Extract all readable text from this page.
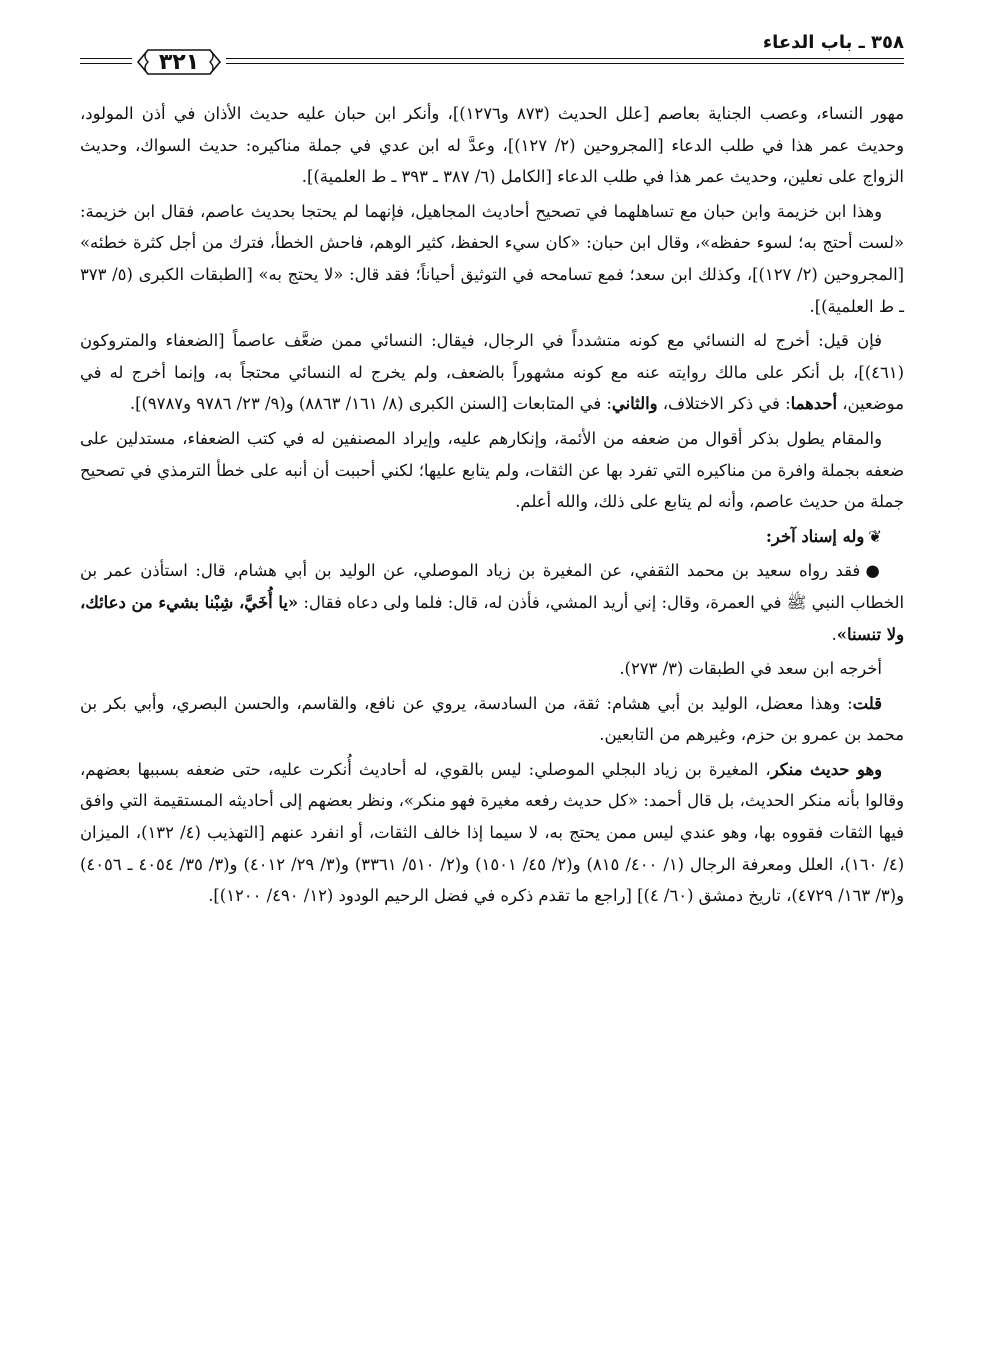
٣٥٨ ـ باب الدعاء
٣٢١

مهور النساء، وعصب الجناية بعاصم [علل الحديث (٨٧٣ و١٢٧٦)]، وأنكر ابن حبان عليه حديث الأذان في أذن المولود، وحديث عمر هذا في طلب الدعاء [المجروحين (٢/ ١٢٧)]، وعدَّ له ابن عدي في جملة مناكيره: حديث السواك، وحديث الزواج على نعلين، وحديث عمر هذا في طلب الدعاء [الكامل (٦/ ٣٨٧ ـ ٣٩٣ ـ ط العلمية)].

وهذا ابن خزيمة وابن حبان مع تساهلهما في تصحيح أحاديث المجاهيل، فإنهما لم يحتجا بحديث عاصم، فقال ابن خزيمة: «لست أحتج به؛ لسوء حفظه»، وقال ابن حبان: «كان سيء الحفظ، كثير الوهم، فاحش الخطأ، فترك من أجل كثرة خطئه» [المجروحين (٢/ ١٢٧)]، وكذلك ابن سعد؛ فمع تسامحه في التوثيق أحياناً؛ فقد قال: «لا يحتج به» [الطبقات الكبرى (٥/ ٣٧٣ ـ ط العلمية)].

فإن قيل: أخرج له النسائي مع كونه متشدداً في الرجال، فيقال: النسائي ممن ضعَّف عاصماً [الضعفاء والمتروكون (٤٦١)]، بل أنكر على مالك روايته عنه مع كونه مشهوراً بالضعف، ولم يخرج له النسائي محتجاً به، وإنما أخرج له في موضعين، أحدهما: في ذكر الاختلاف، والثاني: في المتابعات [السنن الكبرى (٨/ ١٦١/ ٨٨٦٣) و(٩/ ٢٣/ ٩٧٨٦ و٩٧٨٧)].

والمقام يطول بذكر أقوال من ضعفه من الأئمة، وإنكارهم عليه، وإيراد المصنفين له في كتب الضعفاء، مستدلين على ضعفه بجملة وافرة من مناكيره التي تفرد بها عن الثقات، ولم يتابع عليها؛ لكني أحببت أن أنبه على خطأ الترمذي في تصحيح جملة من حديث عاصم، وأنه لم يتابع على ذلك، والله أعلم.

❦وله إسناد آخر:

● فقد رواه سعيد بن محمد الثقفي، عن المغيرة بن زياد الموصلي، عن الوليد بن أبي هشام، قال: استأذن عمر بن الخطاب النبي ﷺ في العمرة، وقال: إني أريد المشي، فأذن له، قال: فلما ولى دعاه فقال: «يا أُخَيَّ، شِبْنا بشيء من دعائك، ولا تنسنا».

أخرجه ابن سعد في الطبقات (٣/ ٢٧٣).

قلت: وهذا معضل، الوليد بن أبي هشام: ثقة، من السادسة، يروي عن نافع، والقاسم، والحسن البصري، وأبي بكر بن محمد بن عمرو بن حزم، وغيرهم من التابعين.

وهو حديث منكر، المغيرة بن زياد البجلي الموصلي: ليس بالقوي، له أحاديث أُنكرت عليه، حتى ضعفه بسببها بعضهم، وقالوا بأنه منكر الحديث، بل قال أحمد: «كل حديث رفعه مغيرة فهو منكر»، ونظر بعضهم إلى أحاديثه المستقيمة التي وافق فيها الثقات فقووه بها، وهو عندي ليس ممن يحتج به، لا سيما إذا خالف الثقات، أو انفرد عنهم [التهذيب (٤/ ١٣٢)، الميزان (٤/ ١٦٠)، العلل ومعرفة الرجال (١/ ٤٠٠/ ٨١٥) و(٢/ ٤٥/ ١٥٠١) و(٢/ ٥١٠/ ٣٣٦١) و(٣/ ٢٩/ ٤٠١٢) و(٣/ ٣٥/ ٤٠٥٤ ـ ٤٠٥٦) و(٣/ ١٦٣/ ٤٧٢٩)، تاريخ دمشق (٦٠/ ٤)] [راجع ما تقدم ذكره في فضل الرحيم الودود (١٢/ ٤٩٠/ ١٢٠٠)].
